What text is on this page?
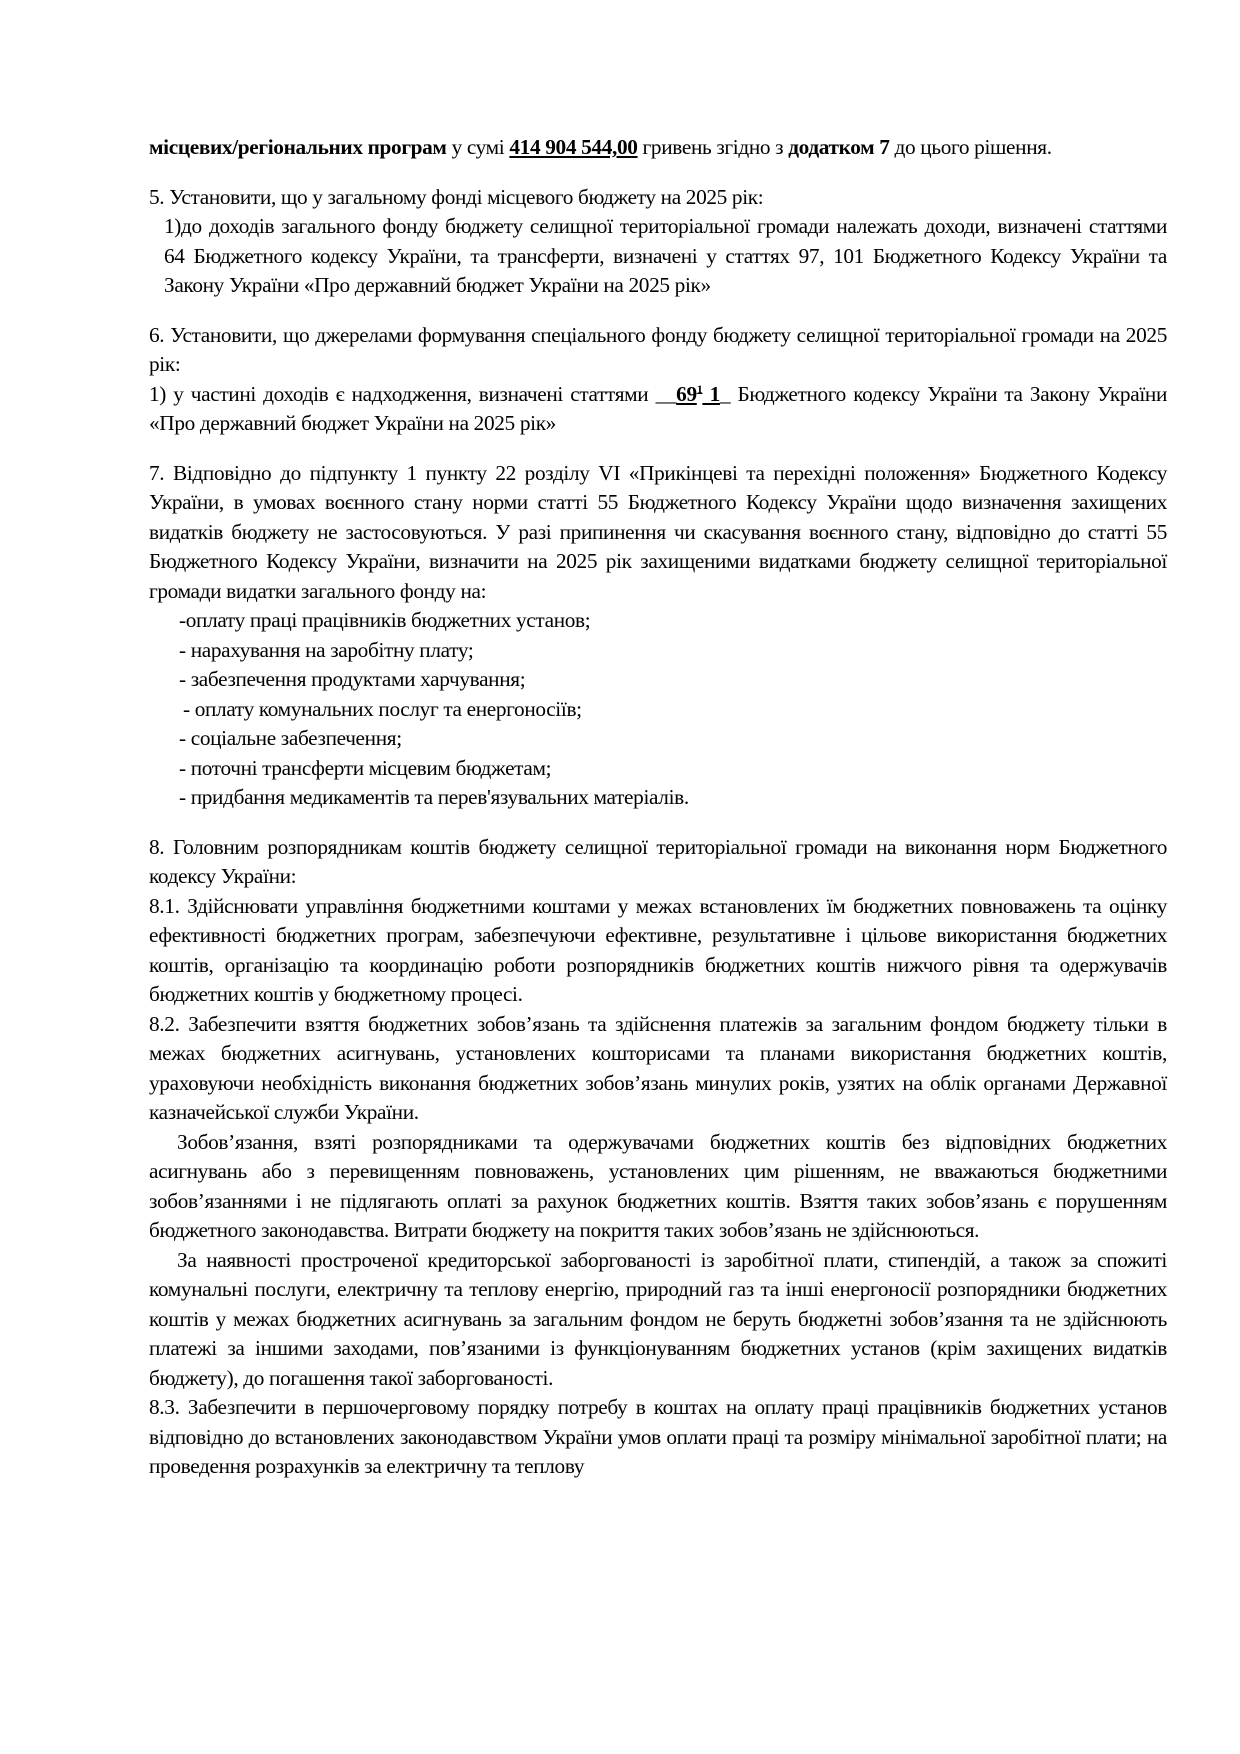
місцевих/регіональних програм у сумі 414 904 544,00 гривень згідно з додатком 7 до цього рішення.

5. Установити, що у загальному фонді місцевого бюджету на 2025 рік:

1)до доходів загального фонду бюджету селищної територіальної громади належать доходи, визначені статтями 64 Бюджетного кодексу України, та трансферти, визначені у статтях 97, 101 Бюджетного Кодексу України та Закону України «Про державний бюджет України на 2025 рік»

6. Установити, що джерелами формування спеціального фонду бюджету селищної територіальної громади на 2025 рік:

1) у частині доходів є надходження, визначені статтями $\_\_69^1$ 1_ Бюджетного кодексу України та Закону України «Про державний бюджет України на 2025 рік»

7. Відповідно до підпункту 1 пункту 22 розділу VI «Прикінцеві та перехідні положення» Бюджетного Кодексу України, в умовах воєнного стану норми статті 55 Бюджетного Кодексу України щодо визначення захищених видатків бюджету не застосовуються. У разі припинення чи скасування воєнного стану, відповідно до статті 55 Бюджетного Кодексу України, визначити на 2025 рік захищеними видатками бюджету селищної територіальної громади видатки загального фонду на:

-оплату праці працівників бюджетних установ;
- нарахування на заробітну плату;
- забезпечення продуктами харчування;
- оплату комунальних послуг та енергоносіїв;
- соціальне забезпечення;
- поточні трансферти місцевим бюджетам;
- придбання медикаментів та перев'язувальних матеріалів.

8. Головним розпорядникам коштів бюджету селищної територіальної громади на виконання норм Бюджетного кодексу України:

8.1. Здійснювати управління бюджетними коштами у межах встановлених їм бюджетних повноважень та оцінку ефективності бюджетних програм, забезпечуючи ефективне, результативне і цільове використання бюджетних коштів, організацію та координацію роботи розпорядників бюджетних коштів нижчого рівня та одержувачів бюджетних коштів у бюджетному процесі.

8.2. Забезпечити взяття бюджетних зобов’язань та здійснення платежів за загальним фондом бюджету тільки в межах бюджетних асигнувань, установлених кошторисами та планами використання бюджетних коштів, ураховуючи необхідність виконання бюджетних зобов’язань минулих років, узятих на облік органами Державної казначейської служби України.

Зобов’язання, взяті розпорядниками та одержувачами бюджетних коштів без відповідних бюджетних асигнувань або з перевищенням повноважень, установлених цим рішенням, не вважаються бюджетними зобов’язаннями і не підлягають оплаті за рахунок бюджетних коштів. Взяття таких зобов’язань є порушенням бюджетного законодавства. Витрати бюджету на покриття таких зобов’язань не здійснюються.

За наявності простроченої кредиторської заборгованості із заробітної плати, стипендій, а також за спожиті комунальні послуги, електричну та теплову енергію, природний газ та інші енергоносії розпорядники бюджетних коштів у межах бюджетних асигнувань за загальним фондом не беруть бюджетні зобов’язання та не здійснюють платежі за іншими заходами, пов’язаними із функціонуванням бюджетних установ (крім захищених видатків бюджету), до погашення такої заборгованості.

8.3. Забезпечити в першочерговому порядку потребу в коштах на оплату праці працівників бюджетних установ відповідно до встановлених законодавством України умов оплати праці та розміру мінімальної заробітної плати; на проведення розрахунків за електричну та теплову
